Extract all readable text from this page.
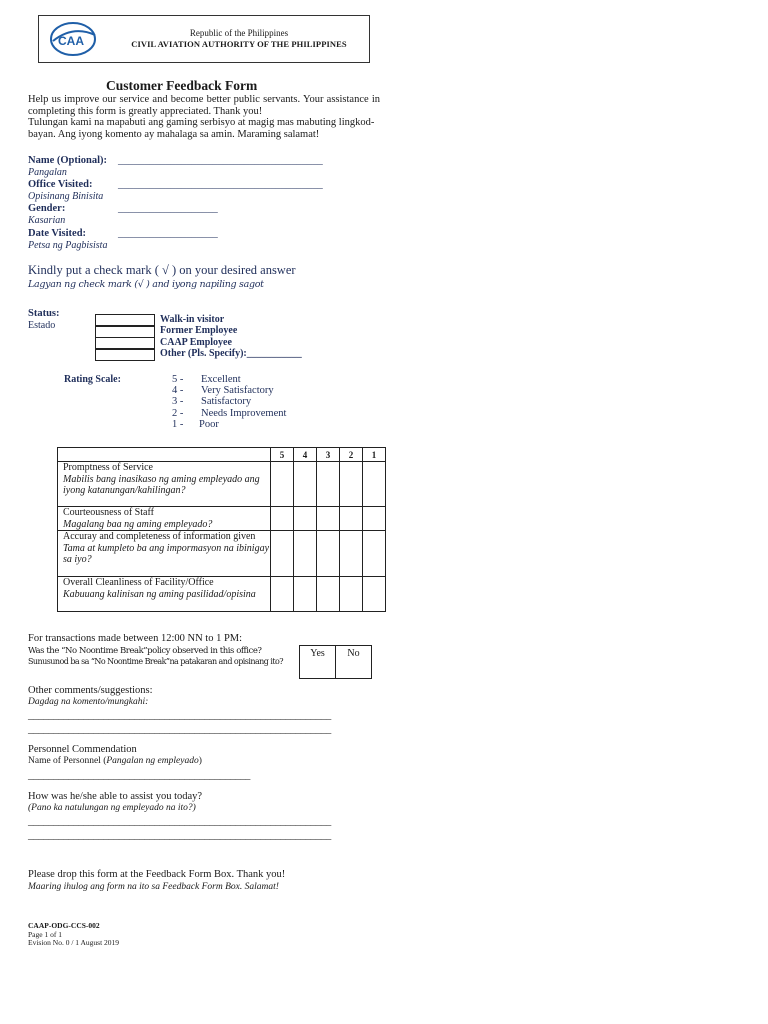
CAA
Republic of the Philippines
CIVIL AVIATION AUTHORITY OF THE PHILIPPINES
Customer Feedback Form
Help us improve our service and become better public servants. Your assistance in completing this form is greatly appreciated. Thank you!
Tulungan kami na mapabuti ang gaming serbisyo at magig mas mabuting lingkod-bayan. Ang iyong komento ay mahalaga sa amin. Maraming salamat!
Name (Optional): _______________________________________
Pangalan
Office Visited: _______________________________________
Opisinang Binisita
Gender:	___________________
Kasarian
Date Visited:	___________________
Petsa ng Pagbisista
Kindly put a check mark ( √ ) on your desired answer
Lagyan ng check mark (√ ) and iyong napiling sagot
Status:
Estado
Walk-in visitor
Former Employee
CAAP Employee
Other (Pls. Specify):___________
Rating Scale:	5 - Excellent
4 - Very Satisfactory
3 - Satisfactory
2 - Needs Improvement
1 - Poor
	5	4	3	2	1

Promptness of Service
Mabilis bang inasikaso ng aming empleyado ang iyong katanungan/kahilingan?					

Courteousness of Staff
Magalang baa ng aming empleyado?					

Accuray and completeness of information given
Tama at kumpleto ba ang impormasyon na ibinigay sa iyo?					

Overall Cleanliness of Facility/Office
Kabuuang kalinisan ng aming pasilidad/opisina					

For transactions made between 12:00 NN to 1 PM:
Was the “No Noontime Break”policy observed in this office?
Sunusunod ba sa “No Noontime Break”na patakaran and opisinang ito?
Yes	No
Other comments/suggestions:
Dagdag na komento/mungkahi:
____________________________________________________________
____________________________________________________________
Personnel Commendation
Name of Personnel (Pangalan ng empleyado)
____________________________________________
How was he/she able to assist you today?
(Pano ka natulungan ng empleyado na ito?)
____________________________________________________________
____________________________________________________________
Please drop this form at the Feedback Form Box. Thank you!
Maaring ihulog ang form na ito sa Feedback Form Box. Salamat!
CAAP-ODG-CCS-002
Page 1 of 1
Evision No. 0 / 1 August 2019
